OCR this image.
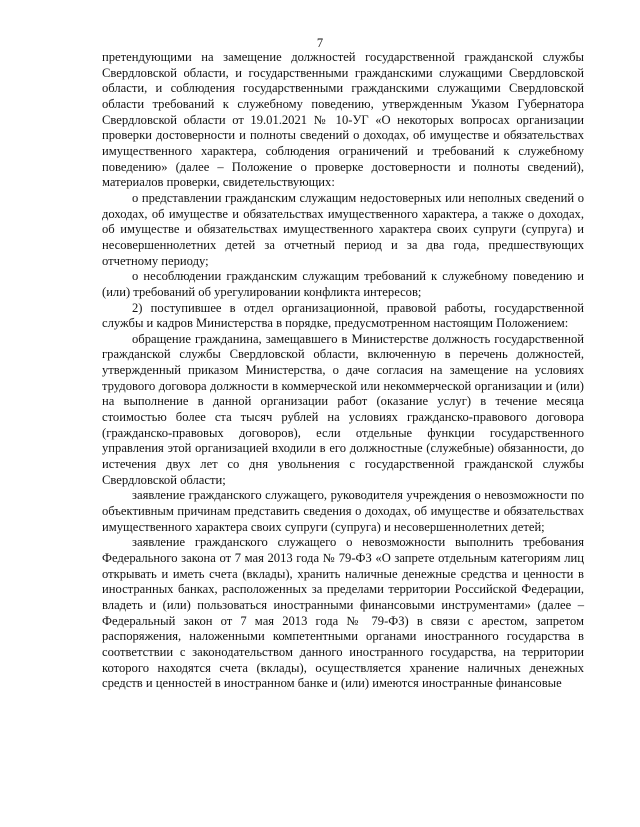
7

претендующими на замещение должностей государственной гражданской службы Свердловской области, и государственными гражданскими служащими Свердловской области, и соблюдения государственными гражданскими служащими Свердловской области требований к служебному поведению, утвержденным Указом Губернатора Свердловской области от 19.01.2021 № 10-УГ «О некоторых вопросах организации проверки достоверности и полноты сведений о доходах, об имуществе и обязательствах имущественного характера, соблюдения ограничений и требований к служебному поведению» (далее – Положение о проверке достоверности и полноты сведений), материалов проверки, свидетельствующих:

о представлении гражданским служащим недостоверных или неполных сведений о доходах, об имуществе и обязательствах имущественного характера, а также о доходах, об имуществе и обязательствах имущественного характера своих супруги (супруга) и несовершеннолетних детей за отчетный период и за два года, предшествующих отчетному периоду;

о несоблюдении гражданским служащим требований к служебному поведению и (или) требований об урегулировании конфликта интересов;

2) поступившее в отдел организационной, правовой работы, государственной службы и кадров Министерства в порядке, предусмотренном настоящим Положением:

обращение гражданина, замещавшего в Министерстве должность государственной гражданской службы Свердловской области, включенную в перечень должностей, утвержденный приказом Министерства, о даче согласия на замещение на условиях трудового договора должности в коммерческой или некоммерческой организации и (или) на выполнение в данной организации работ (оказание услуг) в течение месяца стоимостью более ста тысяч рублей на условиях гражданско-правового договора (гражданско-правовых договоров), если отдельные функции государственного управления этой организацией входили в его должностные (служебные) обязанности, до истечения двух лет со дня увольнения с государственной гражданской службы Свердловской области;

заявление гражданского служащего, руководителя учреждения о невозможности по объективным причинам представить сведения о доходах, об имуществе и обязательствах имущественного характера своих супруги (супруга) и несовершеннолетних детей;

заявление гражданского служащего о невозможности выполнить требования Федерального закона от 7 мая 2013 года № 79-ФЗ «О запрете отдельным категориям лиц открывать и иметь счета (вклады), хранить наличные денежные средства и ценности в иностранных банках, расположенных за пределами территории Российской Федерации, владеть и (или) пользоваться иностранными финансовыми инструментами» (далее – Федеральный закон от 7 мая 2013 года № 79-ФЗ) в связи с арестом, запретом распоряжения, наложенными компетентными органами иностранного государства в соответствии с законодательством данного иностранного государства, на территории которого находятся счета (вклады), осуществляется хранение наличных денежных средств и ценностей в иностранном банке и (или) имеются иностранные финансовые
